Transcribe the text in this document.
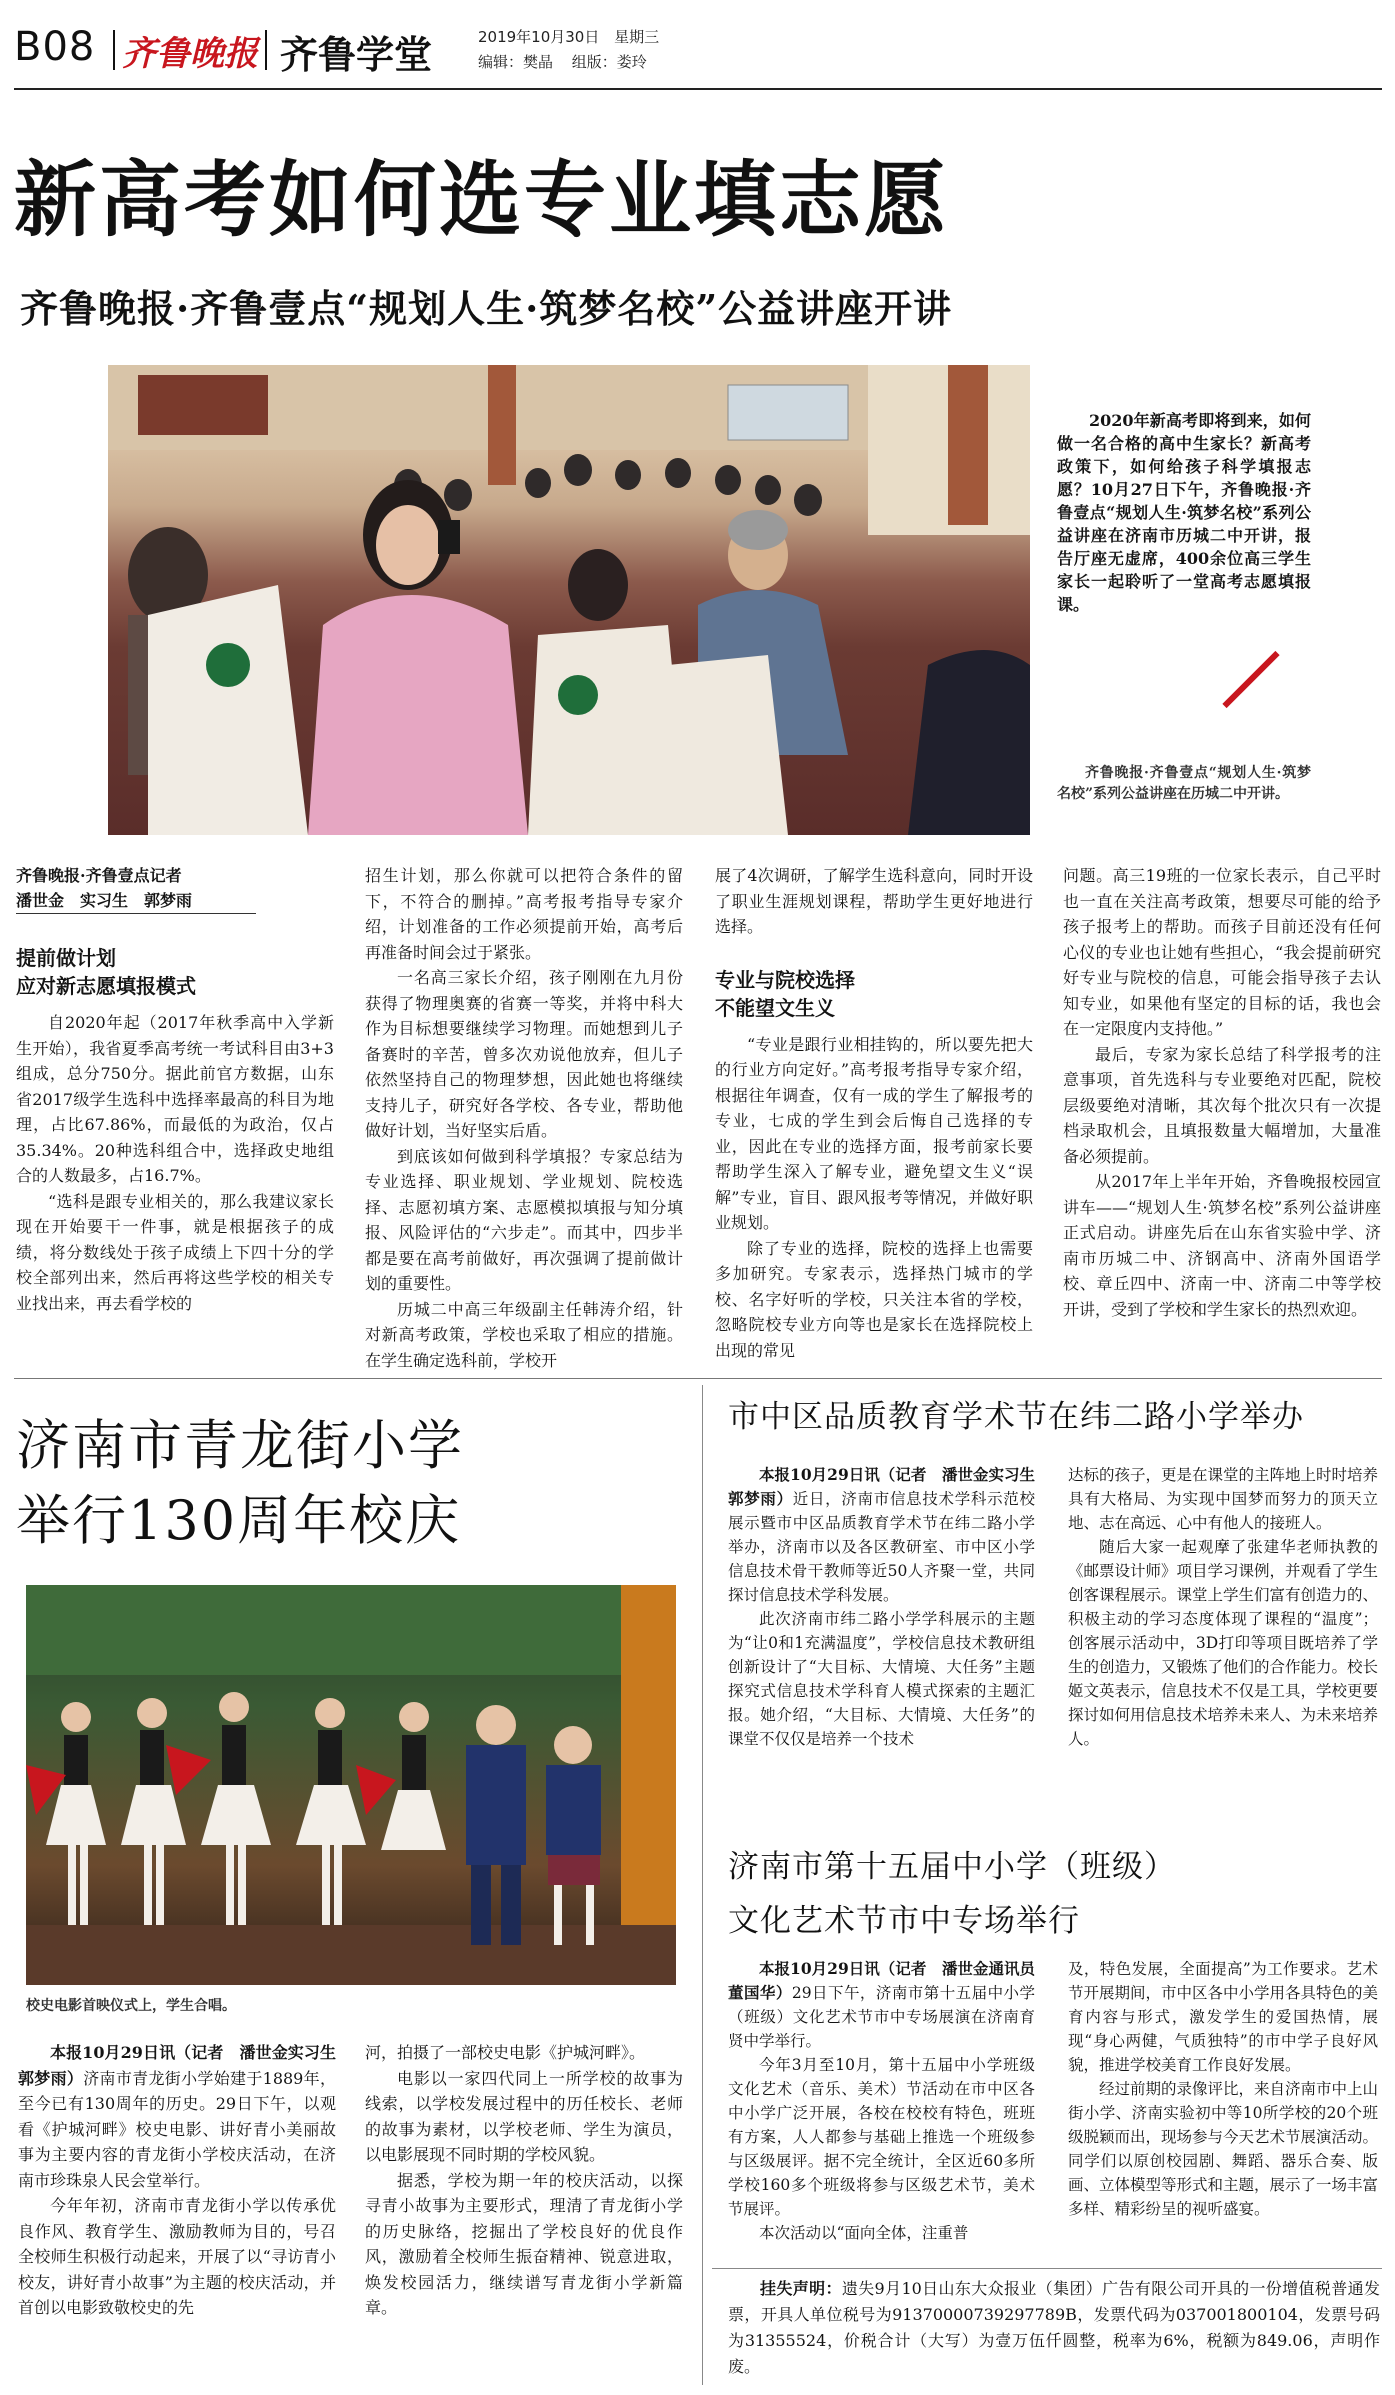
B08 齐鲁晚报 齐鲁学堂	2019年10月30日 星期三
编辑：樊晶 组版：娄玲
新高考如何选专业填志愿
齐鲁晚报·齐鲁壹点“规划人生·筑梦名校”公益讲座开讲

2020年新高考即将到来，如何做一名合格的高中生家长？新高考政策下，如何给孩子科学填报志愿？10月27日下午，齐鲁晚报·齐鲁壹点“规划人生·筑梦名校”系列公益讲座在济南市历城二中开讲，报告厅座无虚席，400余位高三学生家长一起聆听了一堂高考志愿填报课。

齐鲁晚报·齐鲁壹点“规划人生·筑梦名校”系列公益讲座在历城二中开讲。

齐鲁晚报·齐鲁壹点记者
潘世金　实习生　郭梦雨
提前做计划
应对新志愿填报模式

自2020年起（2017年秋季高中入学新生开始），我省夏季高考统一考试科目由3+3组成，总分750分。据此前官方数据，山东省2017级学生选科中选择率最高的科目为地理，占比67.86%，而最低的为政治，仅占35.34%。20种选科组合中，选择政史地组合的人数最多，占16.7%。

“选科是跟专业相关的，那么我建议家长现在开始要干一件事，就是根据孩子的成绩，将分数线处于孩子成绩上下四十分的学校全部列出来，然后再将这些学校的相关专业找出来，再去看学校的

招生计划，那么你就可以把符合条件的留下，不符合的删掉。”高考报考指导专家介绍，计划准备的工作必须提前开始，高考后再准备时间会过于紧张。

一名高三家长介绍，孩子刚刚在九月份获得了物理奥赛的省赛一等奖，并将中科大作为目标想要继续学习物理。而她想到儿子备赛时的辛苦，曾多次劝说他放弃，但儿子依然坚持自己的物理梦想，因此她也将继续支持儿子，研究好各学校、各专业，帮助他做好计划，当好坚实后盾。

到底该如何做到科学填报？专家总结为专业选择、职业规划、学业规划、院校选择、志愿初填方案、志愿模拟填报与知分填报、风险评估的“六步走”。而其中，四步半都是要在高考前做好，再次强调了提前做计划的重要性。

历城二中高三年级副主任韩涛介绍，针对新高考政策，学校也采取了相应的措施。在学生确定选科前，学校开

展了4次调研，了解学生选科意向，同时开设了职业生涯规划课程，帮助学生更好地进行选择。

专业与院校选择
不能望文生义

“专业是跟行业相挂钩的，所以要先把大的行业方向定好。”高考报考指导专家介绍，根据往年调查，仅有一成的学生了解报考的专业，七成的学生到会后悔自己选择的专业，因此在专业的选择方面，报考前家长要帮助学生深入了解专业，避免望文生义“误解”专业，盲目、跟风报考等情况，并做好职业规划。

除了专业的选择，院校的选择上也需要多加研究。专家表示，选择热门城市的学校、名字好听的学校，只关注本省的学校，忽略院校专业方向等也是家长在选择院校上出现的常见

问题。高三19班的一位家长表示，自己平时也一直在关注高考政策，想要尽可能的给予孩子报考上的帮助。而孩子目前还没有任何心仪的专业也让她有些担心，“我会提前研究好专业与院校的信息，可能会指导孩子去认知专业，如果他有坚定的目标的话，我也会在一定限度内支持他。”

最后，专家为家长总结了科学报考的注意事项，首先选科与专业要绝对匹配，院校层级要绝对清晰，其次每个批次只有一次提档录取机会，且填报数量大幅增加，大量准备必须提前。

从2017年上半年开始，齐鲁晚报校园宣讲车——“规划人生·筑梦名校”系列公益讲座正式启动。讲座先后在山东省实验中学、济南市历城二中、济钢高中、济南外国语学校、章丘四中、济南一中、济南二中等学校开讲，受到了学校和学生家长的热烈欢迎。

济南市青龙街小学
举行130周年校庆
校史电影首映仪式上，学生合唱。

本报10月29日讯（记者　潘世金实习生　郭梦雨）济南市青龙街小学始建于1889年，至今已有130周年的历史。29日下午，以观看《护城河畔》校史电影、讲好青小美丽故事为主要内容的青龙街小学校庆活动，在济南市珍珠泉人民会堂举行。

今年年初，济南市青龙街小学以传承优良作风、教育学生、激励教师为目的，号召全校师生积极行动起来，开展了以“寻访青小校友，讲好青小故事”为主题的校庆活动，并首创以电影致敬校史的先

河，拍摄了一部校史电影《护城河畔》。

电影以一家四代同上一所学校的故事为线索，以学校发展过程中的历任校长、老师的故事为素材，以学校老师、学生为演员，以电影展现不同时期的学校风貌。

据悉，学校为期一年的校庆活动，以探寻青小故事为主要形式，理清了青龙街小学的历史脉络，挖掘出了学校良好的优良作风，激励着全校师生振奋精神、锐意进取，焕发校园活力，继续谱写青龙街小学新篇章。

市中区品质教育学术节在纬二路小学举办

本报10月29日讯（记者　潘世金实习生　郭梦雨）近日，济南市信息技术学科示范校展示暨市中区品质教育学术节在纬二路小学举办，济南市以及各区教研室、市中区小学信息技术骨干教师等近50人齐聚一堂，共同探讨信息技术学科发展。

此次济南市纬二路小学学科展示的主题为“让0和1充满温度”，学校信息技术教研组创新设计了“大目标、大情境、大任务”主题探究式信息技术学科育人模式探索的主题汇报。她介绍，“大目标、大情境、大任务”的课堂不仅仅是培养一个技术

达标的孩子，更是在课堂的主阵地上时时培养具有大格局、为实现中国梦而努力的顶天立地、志在高远、心中有他人的接班人。

随后大家一起观摩了张建华老师执教的《邮票设计师》项目学习课例，并观看了学生创客课程展示。课堂上学生们富有创造力的、积极主动的学习态度体现了课程的“温度”；创客展示活动中，3D打印等项目既培养了学生的创造力，又锻炼了他们的合作能力。校长姬文英表示，信息技术不仅是工具，学校更要探讨如何用信息技术培养未来人、为未来培养人。

济南市第十五届中小学（班级）
文化艺术节市中专场举行

本报10月29日讯（记者　潘世金通讯员　董国华）29日下午，济南市第十五届中小学（班级）文化艺术节市中专场展演在济南育贤中学举行。

今年3月至10月，第十五届中小学班级文化艺术（音乐、美术）节活动在市中区各中小学广泛开展，各校在校校有特色，班班有方案，人人都参与基础上推选一个班级参与区级展评。据不完全统计，全区近60多所学校160多个班级将参与区级艺术节，美术节展评。

本次活动以“面向全体，注重普

及，特色发展，全面提高”为工作要求。艺术节开展期间，市中区各中小学用各具特色的美育内容与形式，激发学生的爱国热情，展现“身心两健，气质独特”的市中学子良好风貌，推进学校美育工作良好发展。

经过前期的录像评比，来自济南市中上山街小学、济南实验初中等10所学校的20个班级脱颖而出，现场参与今天艺术节展演活动。同学们以原创校园剧、舞蹈、器乐合奏、版画、立体模型等形式和主题，展示了一场丰富多样、精彩纷呈的视听盛宴。

挂失声明：遗失9月10日山东大众报业（集团）广告有限公司开具的一份增值税普通发票，开具人单位税号为91370000739297789B，发票代码为037001800104，发票号码为31355524，价税合计（大写）为壹万伍仟圆整，税率为6%，税额为849.06，声明作废。
